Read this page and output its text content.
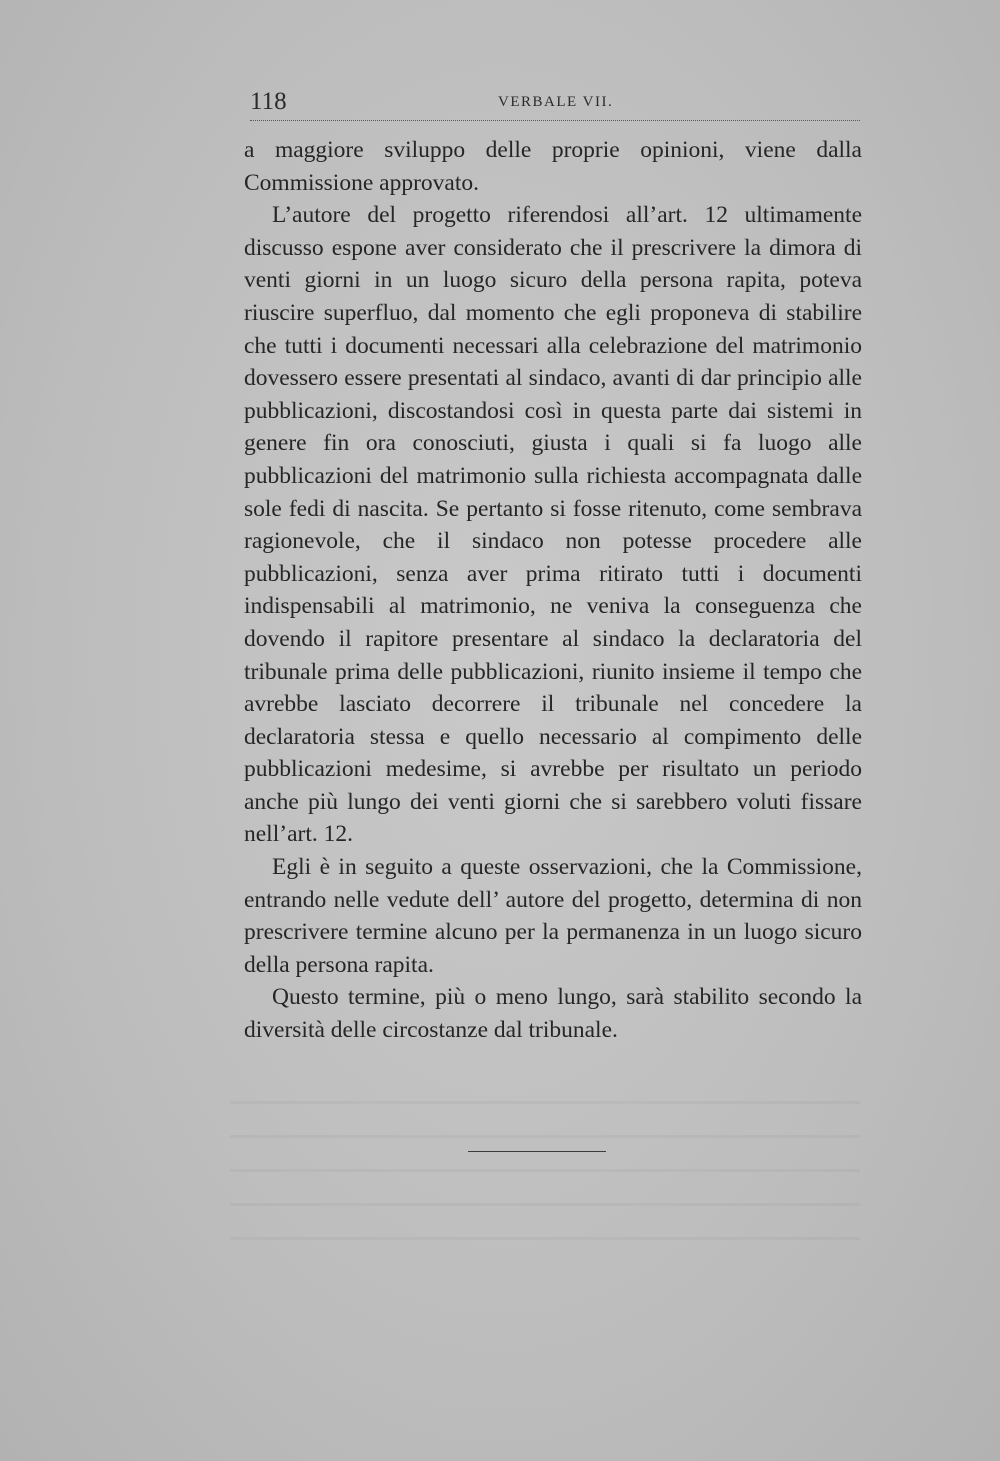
118	VERBALE VII.

a maggiore sviluppo delle proprie opinioni, viene dalla Commissione approvato.

L’autore del progetto riferendosi all’art. 12 ultimamente discusso espone aver considerato che il prescrivere la dimora di venti giorni in un luogo sicuro della persona rapita, poteva riuscire superfluo, dal momento che egli proponeva di stabilire che tutti i documenti necessari alla celebrazione del matrimonio dovessero essere presentati al sindaco, avanti di dar principio alle pubblicazioni, discostandosi così in questa parte dai sistemi in genere fin ora conosciuti, giusta i quali si fa luogo alle pubblicazioni del matrimonio sulla richiesta accompagnata dalle sole fedi di nascita. Se pertanto si fosse ritenuto, come sembrava ragionevole, che il sindaco non potesse procedere alle pubblicazioni, senza aver prima ritirato tutti i documenti indispensabili al matrimonio, ne veniva la conseguenza che dovendo il rapitore presentare al sindaco la declaratoria del tribunale prima delle pubblicazioni, riunito insieme il tempo che avrebbe lasciato decorrere il tribunale nel concedere la declaratoria stessa e quello necessario al compimento delle pubblicazioni medesime, si avrebbe per risultato un periodo anche più lungo dei venti giorni che si sarebbero voluti fissare nell’art. 12.

Egli è in seguito a queste osservazioni, che la Commissione, entrando nelle vedute dell’ autore del progetto, determina di non prescrivere termine alcuno per la permanenza in un luogo sicuro della persona rapita.

Questo termine, più o meno lungo, sarà stabilito secondo la diversità delle circostanze dal tribunale.
